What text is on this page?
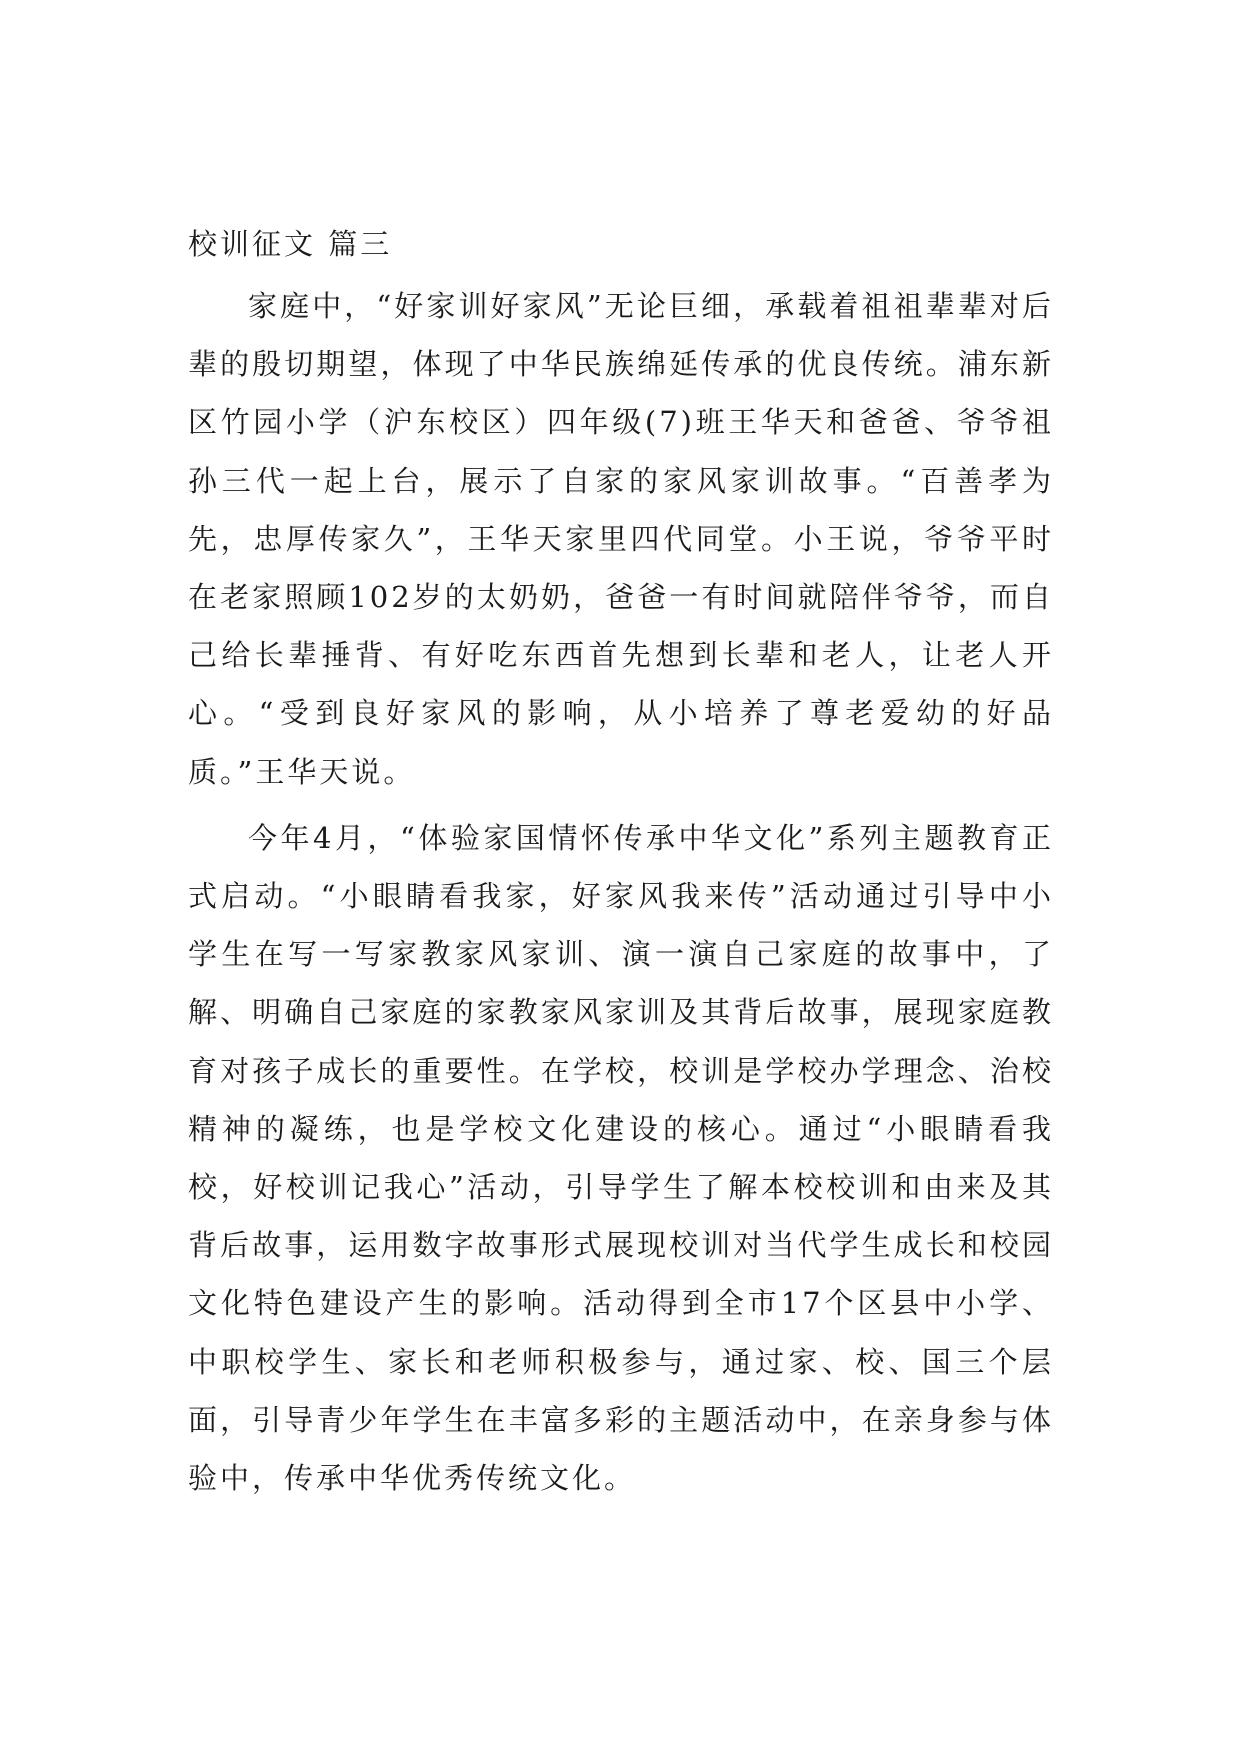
校训征文 篇三

家庭中，“好家训好家风”无论巨细，承载着祖祖辈辈对后辈的殷切期望，体现了中华民族绵延传承的优良传统。浦东新区竹园小学（沪东校区）四年级(7)班王华天和爸爸、爷爷祖孙三代一起上台，展示了自家的家风家训故事。“百善孝为先，忠厚传家久”，王华天家里四代同堂。小王说，爷爷平时在老家照顾102岁的太奶奶，爸爸一有时间就陪伴爷爷，而自己给长辈捶背、有好吃东西首先想到长辈和老人，让老人开心。“受到良好家风的影响，从小培养了尊老爱幼的好品质。”王华天说。

今年4月，“体验家国情怀传承中华文化”系列主题教育正式启动。“小眼睛看我家，好家风我来传”活动通过引导中小学生在写一写家教家风家训、演一演自己家庭的故事中，了解、明确自己家庭的家教家风家训及其背后故事，展现家庭教育对孩子成长的重要性。在学校，校训是学校办学理念、治校精神的凝练，也是学校文化建设的核心。通过“小眼睛看我校，好校训记我心”活动，引导学生了解本校校训和由来及其背后故事，运用数字故事形式展现校训对当代学生成长和校园文化特色建设产生的影响。活动得到全市17个区县中小学、中职校学生、家长和老师积极参与，通过家、校、国三个层面，引导青少年学生在丰富多彩的主题活动中，在亲身参与体验中，传承中华优秀传统文化。
